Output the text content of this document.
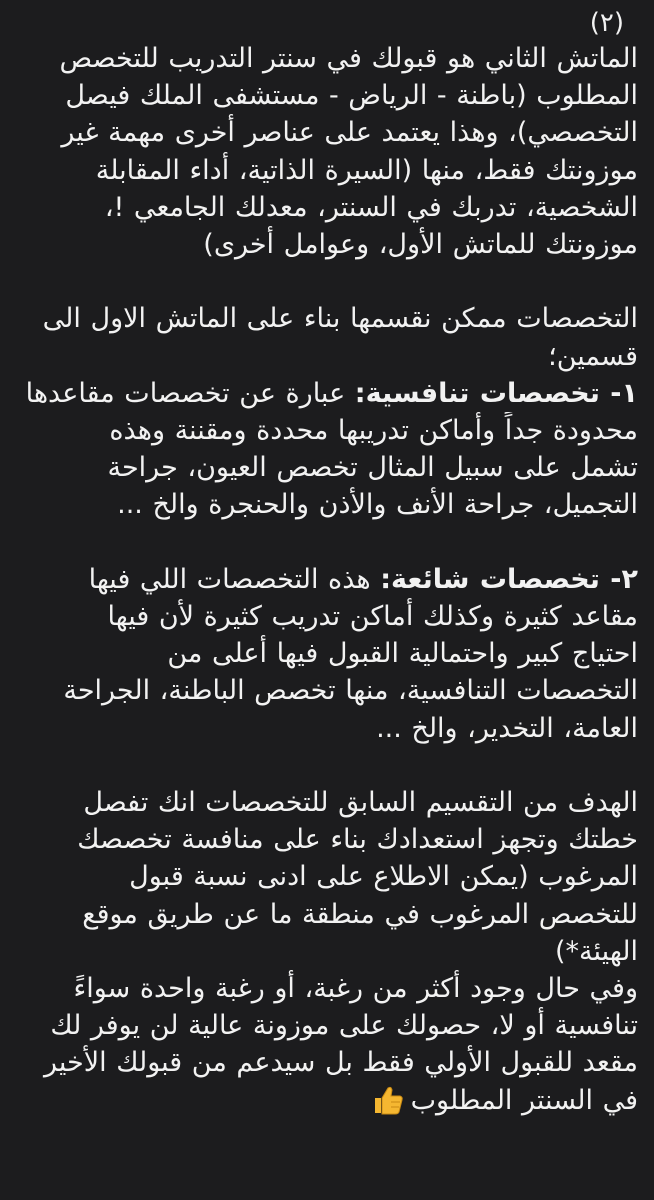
(٢)
الماتش الثاني هو قبولك في سنتر التدريب للتخصص
المطلوب (باطنة - الرياض - مستشفى الملك فيصل
التخصصي)، وهذا يعتمد على عناصر أخرى مهمة غير
موزونتك فقط، منها (السيرة الذاتية، أداء المقابلة
الشخصية، تدربك في السنتر، معدلك الجامعي !،
موزونتك للماتش الأول، وعوامل أخرى)
التخصصات ممكن نقسمها بناء على الماتش الاول الى
قسمين؛
١- تخصصات تنافسية: عبارة عن تخصصات مقاعدها
محدودة جداً وأماكن تدريبها محددة ومقننة وهذه
تشمل على سبيل المثال تخصص العيون، جراحة
التجميل، جراحة الأنف والأذن والحنجرة والخ ...
٢- تخصصات شائعة: هذه التخصصات اللي فيها
مقاعد كثيرة وكذلك أماكن تدريب كثيرة لأن فيها
احتياج كبير واحتمالية القبول فيها أعلى من
التخصصات التنافسية، منها تخصص الباطنة، الجراحة
العامة، التخدير، والخ ...
الهدف من التقسيم السابق للتخصصات انك تفصل
خطتك وتجهز استعدادك بناء على منافسة تخصصك
المرغوب (يمكن الاطلاع على ادنى نسبة قبول
للتخصص المرغوب في منطقة ما عن طريق موقع
الهيئة*)
وفي حال وجود أكثر من رغبة، أو رغبة واحدة سواءً
تنافسية أو لا، حصولك على موزونة عالية لن يوفر لك
مقعد للقبول الأولي فقط بل سيدعم من قبولك الأخير
في السنتر المطلوب
